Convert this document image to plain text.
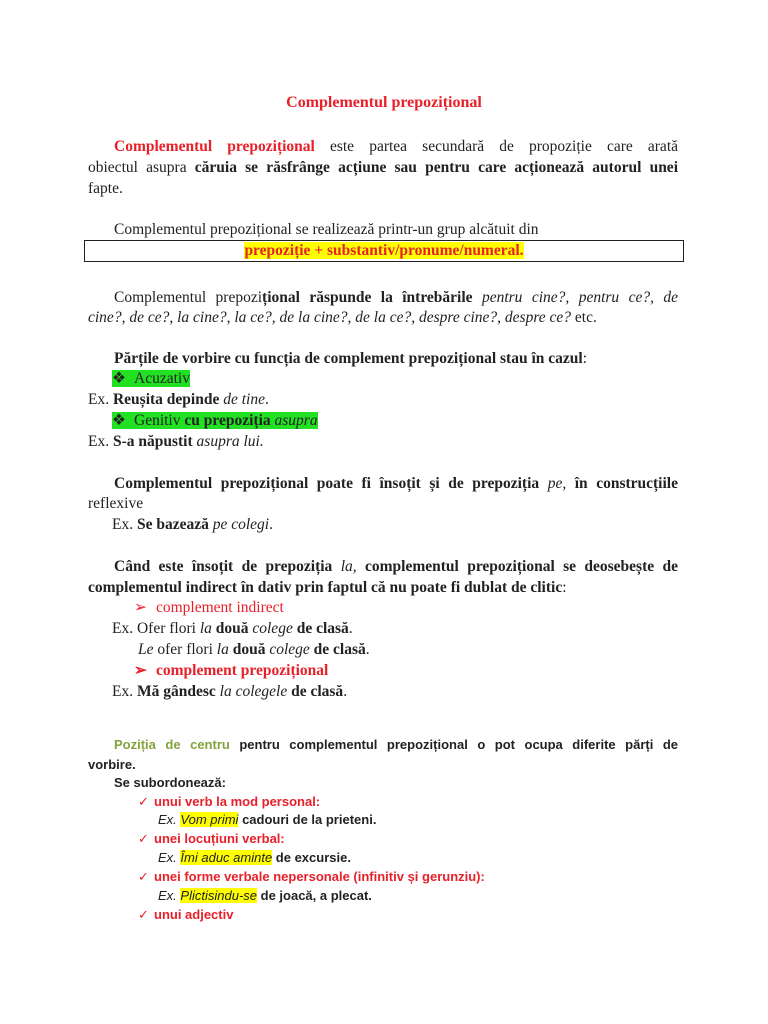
Complementul prepozițional
Complementul prepozițional este partea secundară de propoziție care arată
obiectul asupra căruia se răsfrânge acțiune sau pentru care acționează autorul unei
fapte.
Complementul prepozițional se realizează printr-un grup alcătuit din
prepoziție + substantiv/pronume/numeral.
Complementul prepozițional răspunde la întrebările pentru cine?, pentru ce?, de
cine?, de ce?, la cine?, la ce?, de la cine?, de la ce?, despre cine?, despre ce? etc.
Părțile de vorbire cu funcția de complement prepozițional stau în cazul:
❖ Acuzativ
Ex. Reușita depinde de tine.
❖ Genitiv cu prepoziția asupra
Ex. S-a năpustit asupra lui.
Complementul prepozițional poate fi însoțit și de prepoziția pe, în construcțiile
reflexive
Ex. Se bazează pe colegi.
Când este însoțit de prepoziția la, complementul prepozițional se deosebește de
complementul indirect în dativ prin faptul că nu poate fi dublat de clitic:
➢ complement indirect
Ex. Ofer flori la două colege de clasă.
Le ofer flori la două colege de clasă.
➢ complement prepozițional
Ex. Mă gândesc la colegele de clasă.
Poziția de centru pentru complementul prepozițional o pot ocupa diferite părți de
vorbire.
Se subordonează:
✓ unui verb la mod personal:
Ex. Vom primi cadouri de la prieteni.
✓ unei locuțiuni verbal:
Ex. Îmi aduc aminte de excursie.
✓ unei forme verbale nepersonale (infinitiv și gerunziu):
Ex. Plictisindu-se de joacă, a plecat.
✓ unui adjectiv
